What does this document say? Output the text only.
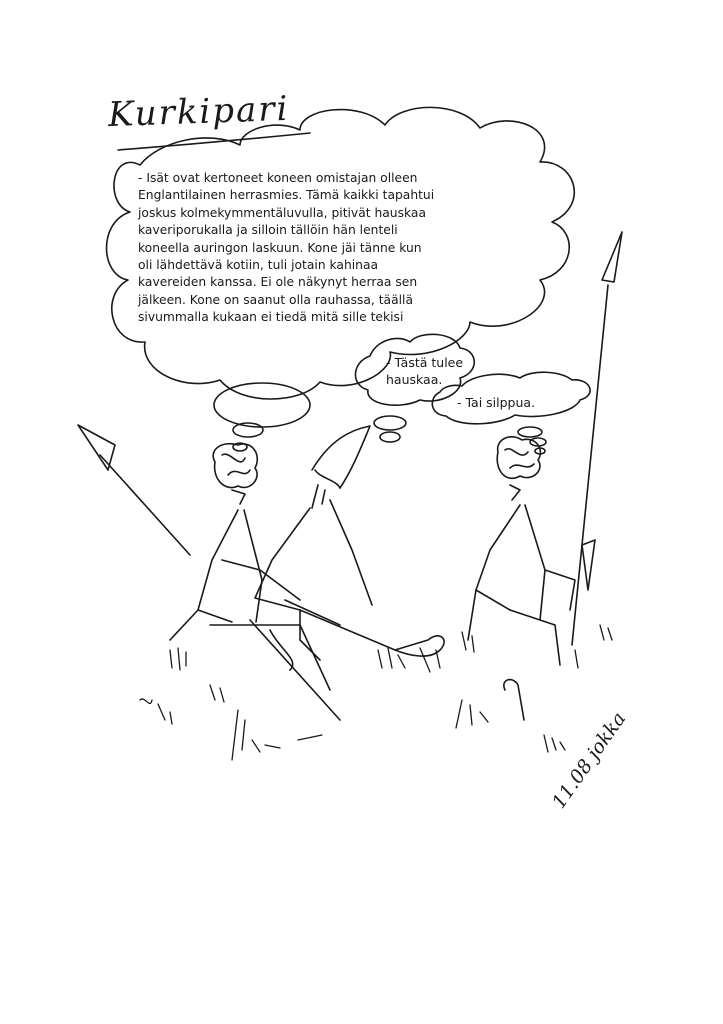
Kurkipari
- Isät ovat kertoneet koneen omistajan olleen
Englantilainen herrasmies. Tämä kaikki tapahtui
joskus kolmekymmentäluvulla, pitivät hauskaa
kaveriporukalla ja silloin tällöin hän lenteli
koneella auringon laskuun. Kone jäi tänne kun
oli lähdettävä kotiin, tuli jotain kahinaa
kavereiden kanssa. Ei ole näkynyt herraa sen
jälkeen. Kone on saanut olla rauhassa, täällä
sivummalla kukaan ei tiedä mitä sille tekisi
- Tästä tulee
hauskaa.
- Tai silppua.
11.08 jokka
